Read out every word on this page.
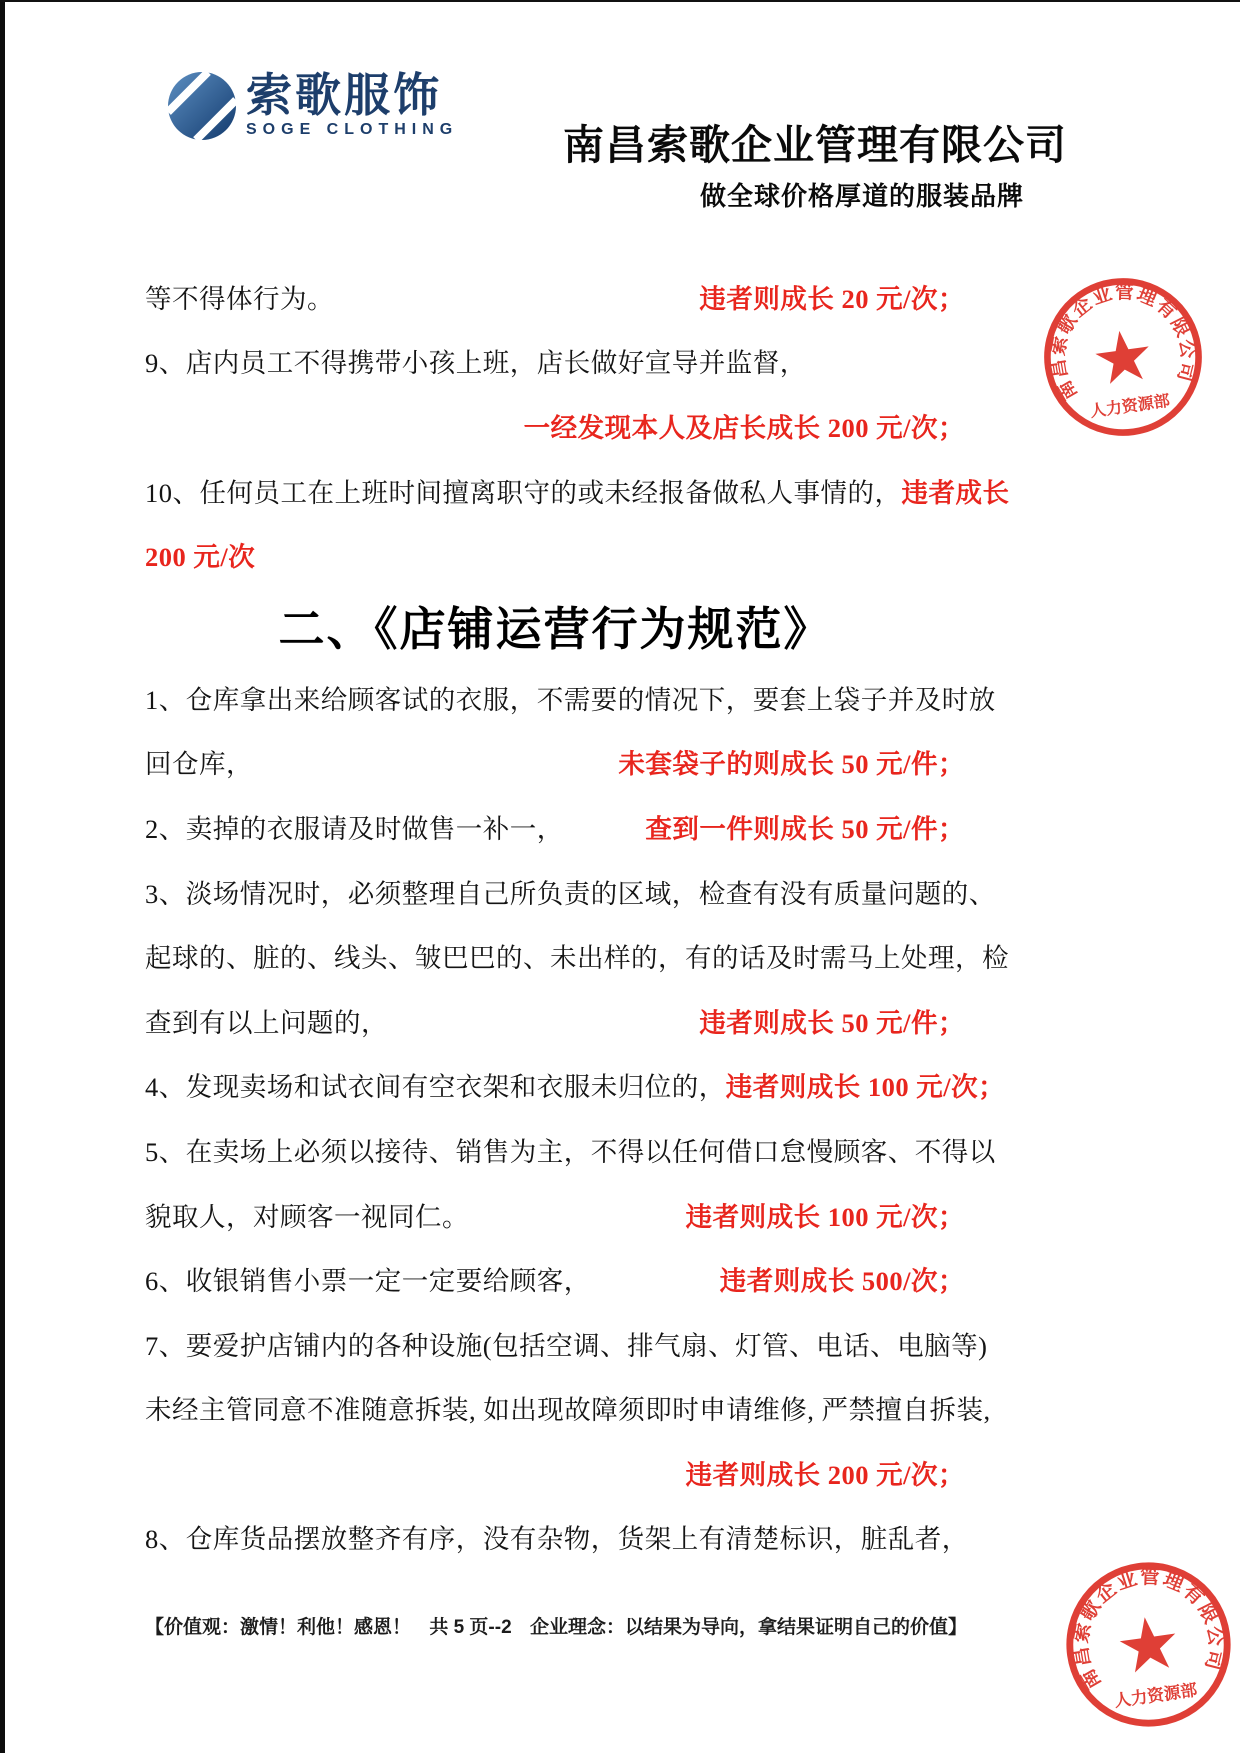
索歌服饰
SOGE CLOTHING	南昌索歌企业管理有限公司
做全球价格厚道的服装品牌
等不得体行为。	违者则成长 20 元/次；
9、店内员工不得携带小孩上班，店长做好宣导并监督，
一经发现本人及店长成长 200 元/次；
10、任何员工在上班时间擅离职守的或未经报备做私人事情的， 违者成长
200 元/次
二、《店铺运营行为规范》
1、仓库拿出来给顾客试的衣服，不需要的情况下，要套上袋子并及时放
回仓库，	未套袋子的则成长 50 元/件；
2、卖掉的衣服请及时做售一补一，	查到一件则成长 50 元/件；
3、淡场情况时，必须整理自己所负责的区域，检查有没有质量问题的、
起球的、脏的、线头、皱巴巴的、未出样的，有的话及时需马上处理，检
查到有以上问题的，	违者则成长 50 元/件；
4、发现卖场和试衣间有空衣架和衣服未归位的， 违者则成长 100 元/次；
5、在卖场上必须以接待、销售为主，不得以任何借口怠慢顾客、不得以
貌取人，对顾客一视同仁。	违者则成长 100 元/次；
6、收银销售小票一定一定要给顾客，	违者则成长 500/次；
7、要爱护店铺内的各种设施(包括空调、排气扇、灯管、电话、电脑等)
未经主管同意不准随意拆装, 如出现故障须即时申请维修, 严禁擅自拆装,
违者则成长 200 元/次；
8、仓库货品摆放整齐有序，没有杂物，货架上有清楚标识，脏乱者，
【价值观：激情！利他！感恩！ 共 5 页--2 企业理念：以结果为导向，拿结果证明自己的价值】
南昌索歌企业管理有限公司
人力资源部
南昌索歌企业管理有限公司
人力资源部
